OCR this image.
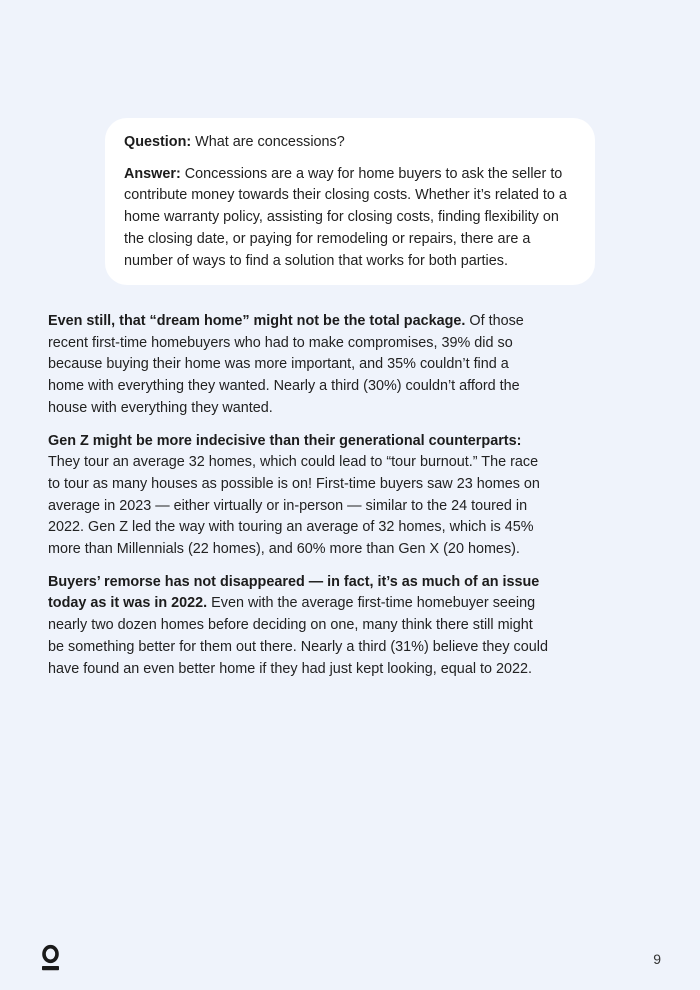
Question: What are concessions?

Answer: Concessions are a way for home buyers to ask the seller to contribute money towards their closing costs. Whether it’s related to a home warranty policy, assisting for closing costs, finding flexibility on the closing date, or paying for remodeling or repairs, there are a number of ways to find a solution that works for both parties.

Even still, that “dream home” might not be the total package. Of those recent first-time homebuyers who had to make compromises, 39% did so because buying their home was more important, and 35% couldn’t find a home with everything they wanted. Nearly a third (30%) couldn’t afford the house with everything they wanted.

Gen Z might be more indecisive than their generational counterparts: They tour an average 32 homes, which could lead to “tour burnout.” The race to tour as many houses as possible is on! First-time buyers saw 23 homes on average in 2023 — either virtually or in-person — similar to the 24 toured in 2022. Gen Z led the way with touring an average of 32 homes, which is 45% more than Millennials (22 homes), and 60% more than Gen X (20 homes).

Buyers’ remorse has not disappeared — in fact, it’s as much of an issue today as it was in 2022. Even with the average first-time homebuyer seeing nearly two dozen homes before deciding on one, many think there still might be something better for them out there. Nearly a third (31%) believe they could have found an even better home if they had just kept looking, equal to 2022.

9
